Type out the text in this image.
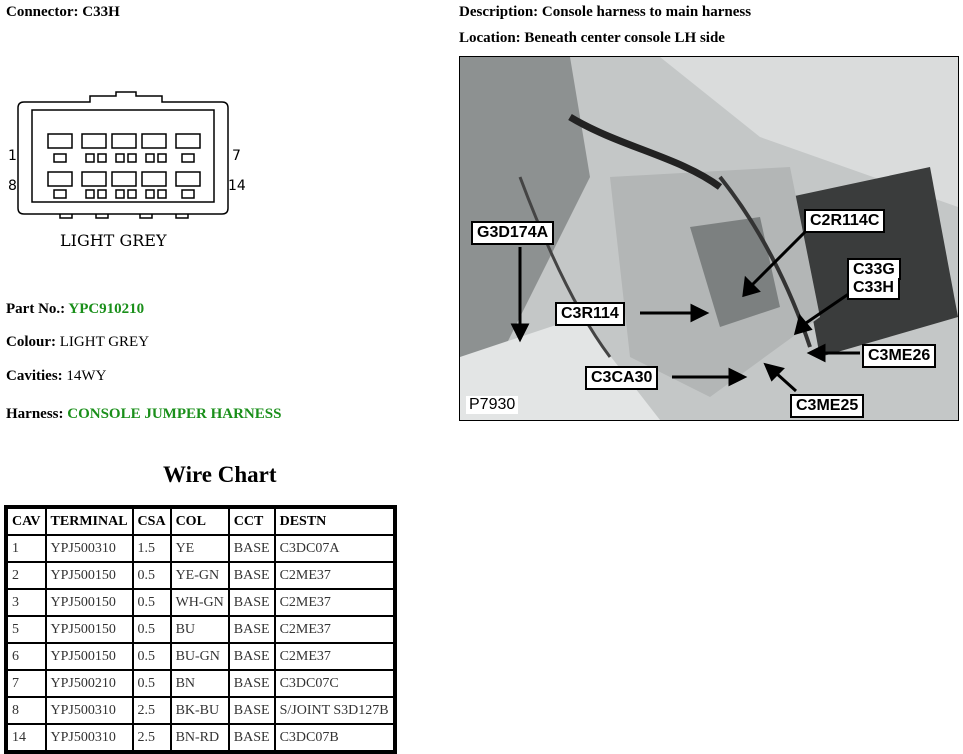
Connector: C33H	Description: Console harness to main harness
Location: Beneath center console LH side
1	7
8	14
LIGHT GREY
Part No.: YPC910210
Colour: LIGHT GREY
Cavities: 14WY
Harness: CONSOLE JUMPER HARNESS
G3D174A
C2R114C
C33G
C33H
C3R114
C3ME26
C3CA30
C3ME25
P7930
Wire Chart
CAV	TERMINAL	CSA	COL	CCT	DESTN
1	YPJ500310	1.5	YE	BASE	C3DC07A
2	YPJ500150	0.5	YE-GN	BASE	C2ME37
3	YPJ500150	0.5	WH-GN	BASE	C2ME37
5	YPJ500150	0.5	BU	BASE	C2ME37
6	YPJ500150	0.5	BU-GN	BASE	C2ME37
7	YPJ500210	0.5	BN	BASE	C3DC07C
8	YPJ500310	2.5	BK-BU	BASE	S/JOINT S3D127B
14	YPJ500310	2.5	BN-RD	BASE	C3DC07B
